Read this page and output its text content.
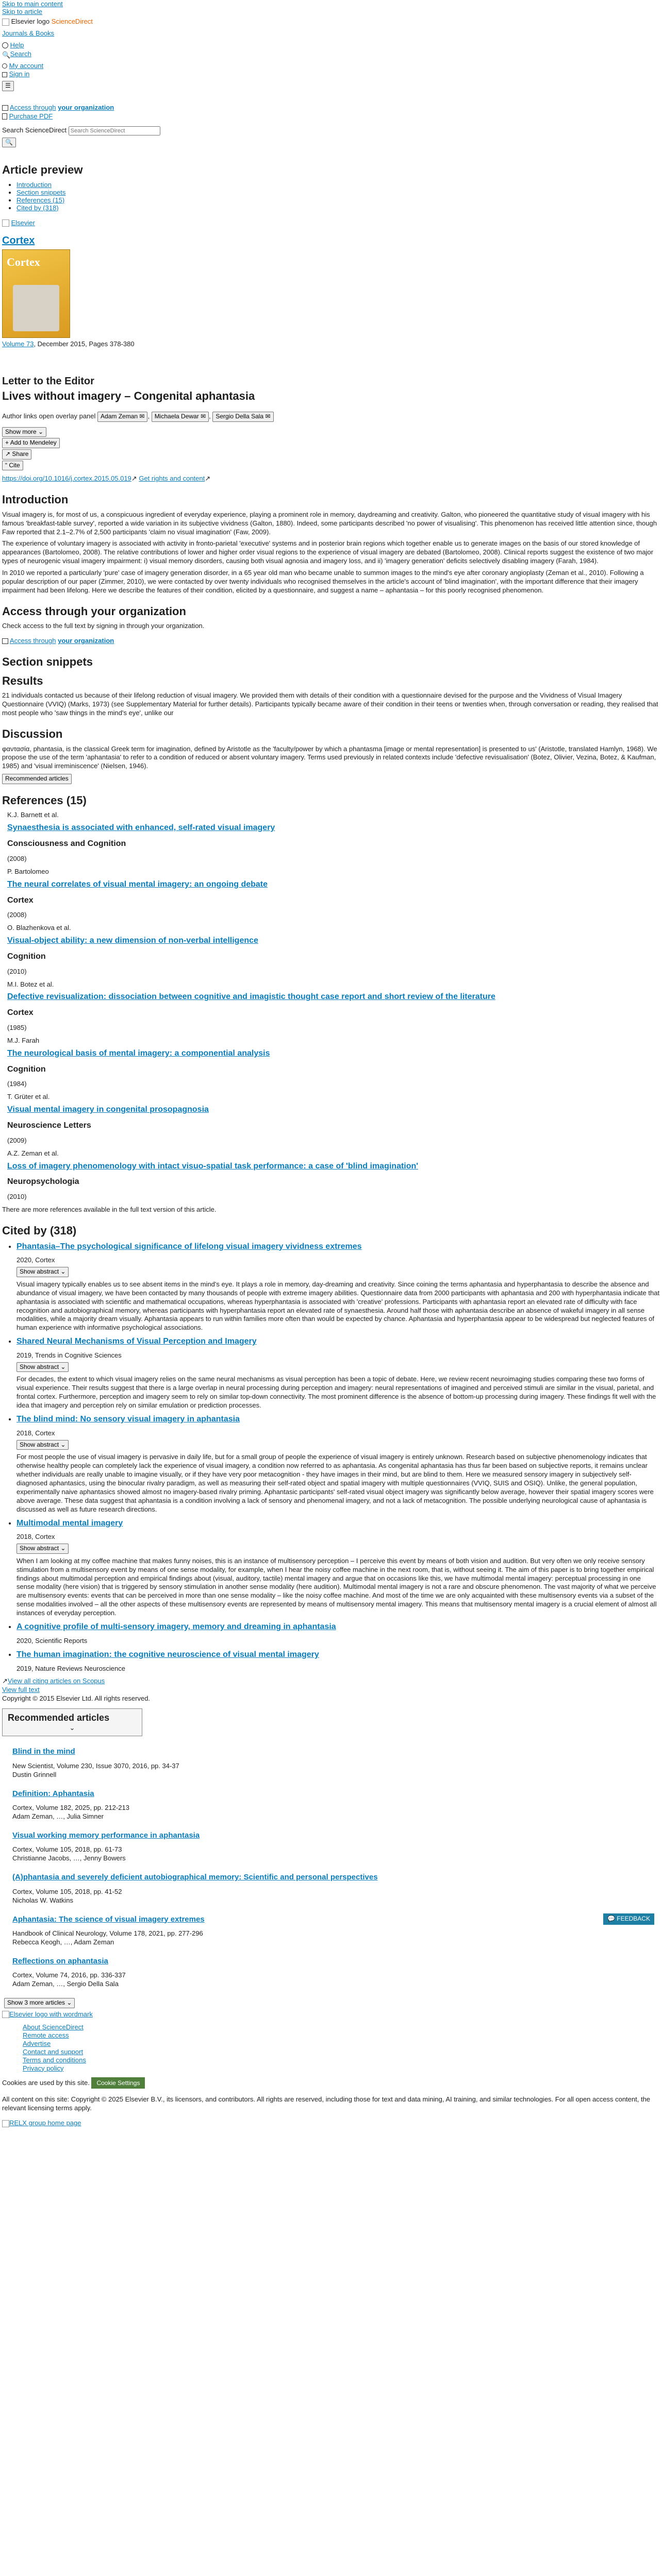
Skip to main content
Skip to article
Elsevier logo ScienceDirect
Journals & Books
Help
🔍 Search
My account
Sign in
☰
Access through your organization
Purchase PDF
Search ScienceDirect Search ScienceDirect
🔍
Article preview
• Introduction
• Section snippets
• References (15)
• Cited by (318)
Elsevier
Cortex
Cortex
Volume 73, December 2015, Pages 378-380
Letter to the Editor
Lives without imagery – Congenital aphantasia
Author links open overlay panel Adam Zeman ✉ , Michaela Dewar ✉ , Sergio Della Sala ✉
Show more ⌄
+ Add to Mendeley
↗ Share
“ Cite
https://doi.org/10.1016/j.cortex.2015.05.019↗ Get rights and content↗
Introduction

Visual imagery is, for most of us, a conspicuous ingredient of everyday experience, playing a prominent role in memory, daydreaming and creativity. Galton, who pioneered the quantitative study of visual imagery with his famous 'breakfast-table survey', reported a wide variation in its subjective vividness (Galton, 1880). Indeed, some participants described 'no power of visualising'. This phenomenon has received little attention since, though Faw reported that 2.1–2.7% of 2,500 participants 'claim no visual imagination' (Faw, 2009).

The experience of voluntary imagery is associated with activity in fronto-parietal 'executive' systems and in posterior brain regions which together enable us to generate images on the basis of our stored knowledge of appearances (Bartolomeo, 2008). The relative contributions of lower and higher order visual regions to the experience of visual imagery are debated (Bartolomeo, 2008). Clinical reports suggest the existence of two major types of neurogenic visual imagery impairment: i) visual memory disorders, causing both visual agnosia and imagery loss, and ii) 'imagery generation' deficits selectively disabling imagery (Farah, 1984).

In 2010 we reported a particularly 'pure' case of imagery generation disorder, in a 65 year old man who became unable to summon images to the mind's eye after coronary angioplasty (Zeman et al., 2010). Following a popular description of our paper (Zimmer, 2010), we were contacted by over twenty individuals who recognised themselves in the article's account of 'blind imagination', with the important difference that their imagery impairment had been lifelong. Here we describe the features of their condition, elicited by a questionnaire, and suggest a name – aphantasia – for this poorly recognised phenomenon.

Access through your organization

Check access to the full text by signing in through your organization.

Access through your organization
Section snippets
Results

21 individuals contacted us because of their lifelong reduction of visual imagery. We provided them with details of their condition with a questionnaire devised for the purpose and the Vividness of Visual Imagery Questionnaire (VVIQ) (Marks, 1973) (see Supplementary Material for further details). Participants typically became aware of their condition in their teens or twenties when, through conversation or reading, they realised that most people who 'saw things in the mind's eye', unlike our

Discussion

φαντασία, phantasia, is the classical Greek term for imagination, defined by Aristotle as the 'faculty/power by which a phantasma [image or mental representation] is presented to us' (Aristotle, translated Hamlyn, 1968). We propose the use of the term 'aphantasia' to refer to a condition of reduced or absent voluntary imagery. Terms used previously in related contexts include 'defective revisualisation' (Botez, Olivier, Vezina, Botez, & Kaufman, 1985) and 'visual irreminiscence' (Nielsen, 1946).

Recommended articles
References (15)
K.J. Barnett et al.
Synaesthesia is associated with enhanced, self-rated visual imagery
Consciousness and Cognition
(2008)
P. Bartolomeo
The neural correlates of visual mental imagery: an ongoing debate
Cortex
(2008)
O. Blazhenkova et al.
Visual-object ability: a new dimension of non-verbal intelligence
Cognition
(2010)
M.I. Botez et al.
Defective revisualization: dissociation between cognitive and imagistic thought case report and short review of the literature
Cortex
(1985)
M.J. Farah
The neurological basis of mental imagery: a componential analysis
Cognition
(1984)
T. Grüter et al.
Visual mental imagery in congenital prosopagnosia
Neuroscience Letters
(2009)
A.Z. Zeman et al.
Loss of imagery phenomenology with intact visuo-spatial task performance: a case of 'blind imagination'
Neuropsychologia
(2010)

There are more references available in the full text version of this article.

Cited by (318)
• Phantasia–The psychological significance of lifelong visual imagery vividness extremes
2020, Cortex
Show abstract ⌄

Visual imagery typically enables us to see absent items in the mind's eye. It plays a role in memory, day-dreaming and creativity. Since coining the terms aphantasia and hyperphantasia to describe the absence and abundance of visual imagery, we have been contacted by many thousands of people with extreme imagery abilities. Questionnaire data from 2000 participants with aphantasia and 200 with hyperphantasia indicate that aphantasia is associated with scientific and mathematical occupations, whereas hyperphantasia is associated with 'creative' professions. Participants with aphantasia report an elevated rate of difficulty with face recognition and autobiographical memory, whereas participants with hyperphantasia report an elevated rate of synaesthesia. Around half those with aphantasia describe an absence of wakeful imagery in all sense modalities, while a majority dream visually. Aphantasia appears to run within families more often than would be expected by chance. Aphantasia and hyperphantasia appear to be widespread but neglected features of human experience with informative psychological associations.

• Shared Neural Mechanisms of Visual Perception and Imagery
2019, Trends in Cognitive Sciences
Show abstract ⌄

For decades, the extent to which visual imagery relies on the same neural mechanisms as visual perception has been a topic of debate. Here, we review recent neuroimaging studies comparing these two forms of visual experience. Their results suggest that there is a large overlap in neural processing during perception and imagery: neural representations of imagined and perceived stimuli are similar in the visual, parietal, and frontal cortex. Furthermore, perception and imagery seem to rely on similar top-down connectivity. The most prominent difference is the absence of bottom-up processing during imagery. These findings fit well with the idea that imagery and perception rely on similar emulation or prediction processes.

• The blind mind: No sensory visual imagery in aphantasia
2018, Cortex
Show abstract ⌄

For most people the use of visual imagery is pervasive in daily life, but for a small group of people the experience of visual imagery is entirely unknown. Research based on subjective phenomenology indicates that otherwise healthy people can completely lack the experience of visual imagery, a condition now referred to as aphantasia. As congenital aphantasia has thus far been based on subjective reports, it remains unclear whether individuals are really unable to imagine visually, or if they have very poor metacognition - they have images in their mind, but are blind to them. Here we measured sensory imagery in subjectively self-diagnosed aphantasics, using the binocular rivalry paradigm, as well as measuring their self-rated object and spatial imagery with multiple questionnaires (VVIQ, SUIS and OSIQ). Unlike, the general population, experimentally naive aphantasics showed almost no imagery-based rivalry priming. Aphantasic participants' self-rated visual object imagery was significantly below average, however their spatial imagery scores were above average. These data suggest that aphantasia is a condition involving a lack of sensory and phenomenal imagery, and not a lack of metacognition. The possible underlying neurological cause of aphantasia is discussed as well as future research directions.

• Multimodal mental imagery
2018, Cortex
Show abstract ⌄

When I am looking at my coffee machine that makes funny noises, this is an instance of multisensory perception – I perceive this event by means of both vision and audition. But very often we only receive sensory stimulation from a multisensory event by means of one sense modality, for example, when I hear the noisy coffee machine in the next room, that is, without seeing it. The aim of this paper is to bring together empirical findings about multimodal perception and empirical findings about (visual, auditory, tactile) mental imagery and argue that on occasions like this, we have multimodal mental imagery: perceptual processing in one sense modality (here vision) that is triggered by sensory stimulation in another sense modality (here audition). Multimodal mental imagery is not a rare and obscure phenomenon. The vast majority of what we perceive are multisensory events: events that can be perceived in more than one sense modality – like the noisy coffee machine. And most of the time we are only acquainted with these multisensory events via a subset of the sense modalities involved – all the other aspects of these multisensory events are represented by means of multisensory mental imagery. This means that multisensory mental imagery is a crucial element of almost all instances of everyday perception.

• A cognitive profile of multi-sensory imagery, memory and dreaming in aphantasia
2020, Scientific Reports
• The human imagination: the cognitive neuroscience of visual mental imagery
2019, Nature Reviews Neuroscience
↗View all citing articles on Scopus
View full text
Copyright © 2015 Elsevier Ltd. All rights reserved.
Recommended articles
⌄
Blind in the mind
New Scientist, Volume 230, Issue 3070, 2016, pp. 34-37
Dustin Grinnell
Definition: Aphantasia
Cortex, Volume 182, 2025, pp. 212-213
Adam Zeman, …, Julia Simner
Visual working memory performance in aphantasia
Cortex, Volume 105, 2018, pp. 61-73
Christianne Jacobs, …, Jenny Bowers
(A)phantasia and severely deficient autobiographical memory: Scientific and personal perspectives
Cortex, Volume 105, 2018, pp. 41-52
Nicholas W. Watkins
Aphantasia: The science of visual imagery extremes
Handbook of Clinical Neurology, Volume 178, 2021, pp. 277-296
Rebecca Keogh, …, Adam Zeman
Reflections on aphantasia
Cortex, Volume 74, 2016, pp. 336-337
Adam Zeman, …, Sergio Della Sala
Show 3 more articles ⌄
Elsevier logo with wordmark
About ScienceDirect
Remote access
Advertise
Contact and support
Terms and conditions
Privacy policy
Cookies are used by this site. Cookie Settings

All content on this site: Copyright © 2025 Elsevier B.V., its licensors, and contributors. All rights are reserved, including those for text and data mining, AI training, and similar technologies. For all open access content, the relevant licensing terms apply.

RELX group home page
💬 FEEDBACK
